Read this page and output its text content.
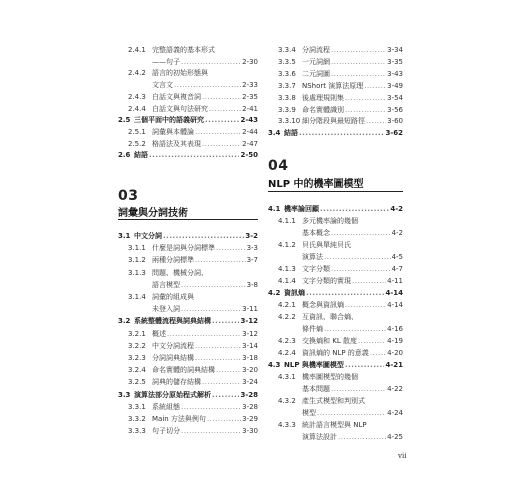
2.4.1 完整語義的基本形式
——句子 .....	2-30
2.4.2 語言的初始形態與
文言文 .....	2-33
2.4.3 白話文與複音詞 .....	2-35
2.4.4 白話文與句法研究 .....	2-41
2.5 三個平面中的語義研究 .....	2-43
2.5.1 詞彙與本體論 .....	2-44
2.5.2 格語法及其表現 .....	2-47
2.6 結語 .....	2-50
03
詞彙與分詞技術
3.1 中文分詞 .....	3-2
3.1.1 什麼是詞與分詞標準 .....	3-3
3.1.2 兩種分詞標準 .....	3-7
3.1.3 問題、機械分詞、
語言模型 .....	3-8
3.1.4 詞彙的組成與
未登入詞 .....	3-11
3.2 系統整體流程與詞典結構 .....	3-12
3.2.1 概述 .....	3-12
3.2.2 中文分詞流程 .....	3-14
3.2.3 分詞詞典結構 .....	3-18
3.2.4 命名實體的詞典結構 .....	3-20
3.2.5 詞典的儲存結構 .....	3-24
3.3 演算法部分原始程式解析 .....	3-28
3.3.1 系統組態 .....	3-28
3.3.2 Main 方法與例句 .....	3-29
3.3.3 句子切分 .....	3-30
3.3.4 分詞流程 .....	3-34
3.3.5 一元詞網 .....	3-35
3.3.6 二元詞圖 .....	3-43
3.3.7 NShort 演算法原理 .....	3-49
3.3.8 後處理規則集 .....	3-54
3.3.9 命名實體識別 .....	3-56
3.3.10 細分階段與最短路徑 .....	3-60
3.4 結語 .....	3-62
04
NLP 中的機率圖模型
4.1 機率論回顧 .....	4-2
4.1.1 多元機率論的幾個
基本概念 .....	4-2
4.1.2 貝氏與單純貝氏
演算法 .....	4-5
4.1.3 文字分類 .....	4-7
4.1.4 文字分類的實現 .....	4-11
4.2 資訊熵 .....	4-14
4.2.1 概念與資訊熵 .....	4-14
4.2.2 互資訊、聯合熵、
條件熵 .....	4-16
4.2.3 交換熵和 KL 散度 .....	4-19
4.2.4 資訊熵的 NLP 的意義 .....	4-20
4.3 NLP 與機率圖模型 .....	4-21
4.3.1 機率圖模型的幾個
基本問題 .....	4-22
4.3.2 產生式模型和判別式
模型 .....	4-24
4.3.3 統計語言模型與 NLP
演算法設計 .....	4-25
vii
